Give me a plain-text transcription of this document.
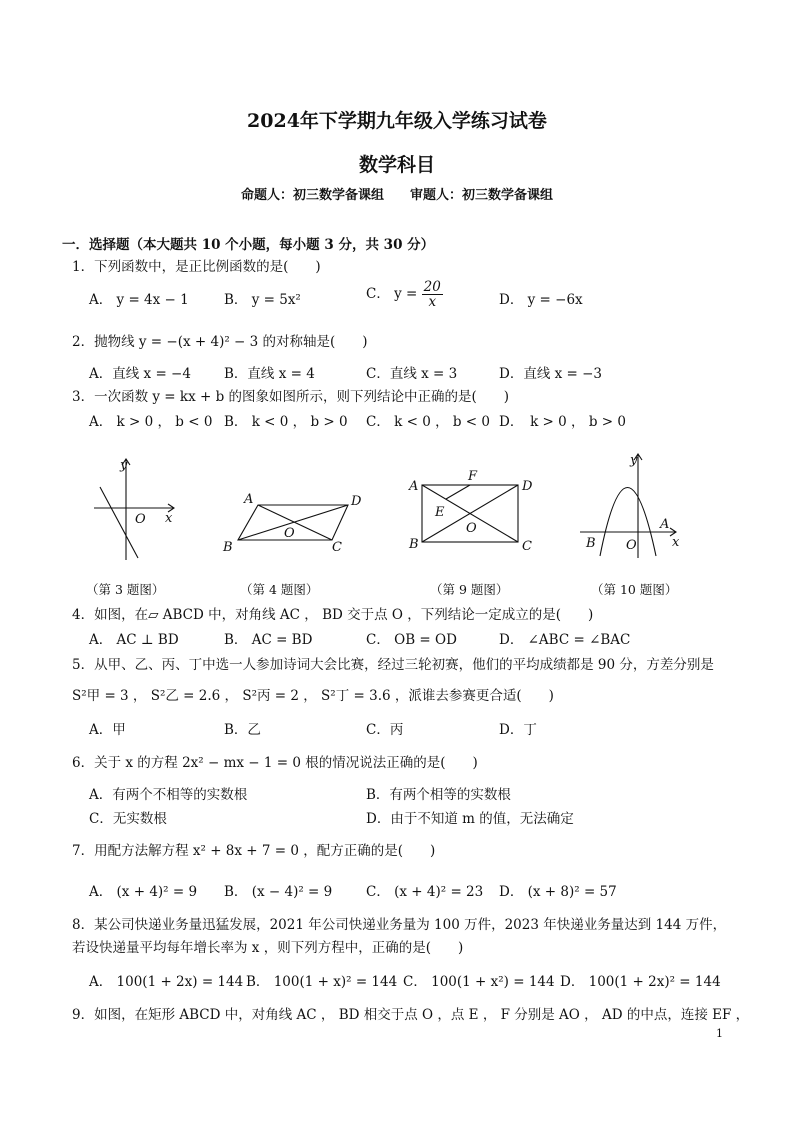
2024年下学期九年级入学练习试卷
数学科目
命题人：初三数学备课组　　审题人：初三数学备课组
一．选择题（本大题共 10 个小题，每小题 3 分，共 30 分）
1．下列函数中，是正比例函数的是(　　)
A． y = 4x − 1	B． y = 5x²	C． $y = \frac{20}{x}$	D． y = −6x
2．抛物线 y = −(x + 4)² − 3 的对称轴是(　　)
A．直线 x = −4 B．直线 x = 4	C．直线 x = 3	D．直线 x = −3
3．一次函数 y = kx + b 的图象如图所示，则下列结论中正确的是(　　)
A． k > 0 ， b < 0 B． k < 0 ， b > 0 C． k < 0 ， b < 0 D．　k > 0 ， b > 0
y
x
O
A	D
B	C
O
A	D
B	C
F
E
O
y
x
A
B O
（第 3 题图）	（第 4 题图）	（第 9 题图）	（第 10 题图）
4．如图，在▱ ABCD 中，对角线 AC ， BD 交于点 O ，下列结论一定成立的是(　　)
A． AC ⊥ BD	B． AC = BD	C． OB = OD	D． ∠ABC = ∠BAC
5．从甲、乙、丙、丁中选一人参加诗词大会比赛，经过三轮初赛，他们的平均成绩都是 90 分，方差分别是
S²甲 = 3 ， S²乙 = 2.6 ， S²丙 = 2 ， S²丁 = 3.6 ，派谁去参赛更合适(　　)
A．甲	B．乙	C．丙	D．丁
6．关于 x 的方程 2x² − mx − 1 = 0 根的情况说法正确的是(　　)
A．有两个不相等的实数根	B．有两个相等的实数根
C．无实数根	D．由于不知道 m 的值，无法确定
7．用配方法解方程 x² + 8x + 7 = 0 ，配方正确的是(　　)
A． (x + 4)² = 9 B． (x − 4)² = 9	C． (x + 4)² = 23 D． (x + 8)² = 57
8．某公司快递业务量迅猛发展，2021 年公司快递业务量为 100 万件，2023 年快递业务量达到 144 万件，
若设快递量平均每年增长率为 x ，则下列方程中，正确的是(　　)
A． 100(1 + 2x) = 144 B． 100(1 + x)² = 144 C． 100(1 + x²) = 144 D． 100(1 + 2x)² = 144
9．如图，在矩形 ABCD 中，对角线 AC ， BD 相交于点 O ，点 E ， F 分别是 AO ， AD 的中点，连接 EF ，
1
